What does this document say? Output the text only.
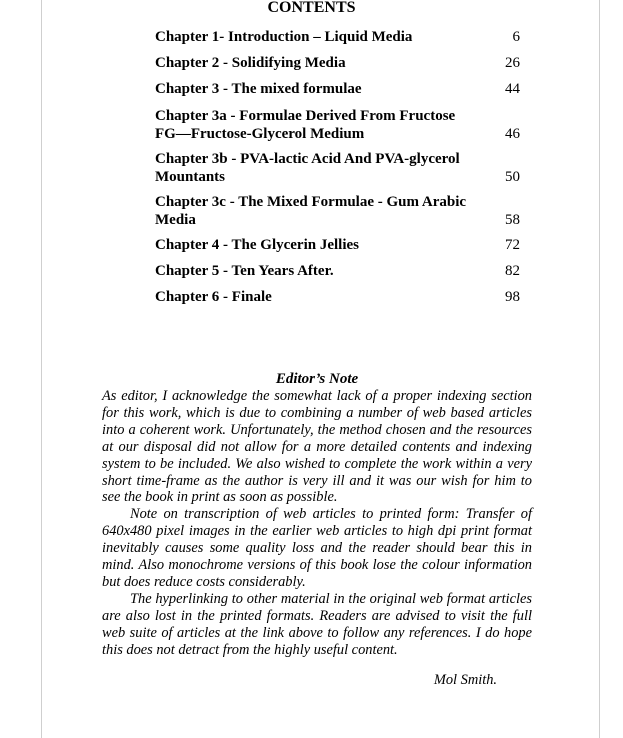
CONTENTS
Chapter 1- Introduction – Liquid Media	6
Chapter 2 - Solidifying Media	26
Chapter 3 - The mixed formulae	44
Chapter 3a - Formulae Derived From Fructose FG—Fructose-Glycerol Medium	46
Chapter 3b - PVA-lactic Acid And PVA-glycerol Mountants	50
Chapter 3c - The Mixed Formulae - Gum Arabic Media	58
Chapter 4 - The Glycerin Jellies	72
Chapter 5 - Ten Years After.	82
Chapter 6 - Finale	98

Editor’s Note

As editor, I acknowledge the somewhat lack of a proper indexing section for this work, which is due to combining a number of web based articles into a coherent work. Unfortunately, the method chosen and the resources at our disposal did not allow for a more detailed contents and indexing system to be included. We also wished to complete the work within a very short time-frame as the author is very ill and it was our wish for him to see the book in print as soon as possible.

Note on transcription of web articles to printed form: Transfer of 640x480 pixel images in the earlier web articles to high dpi print format inevitably causes some quality loss and the reader should bear this in mind. Also monochrome versions of this book lose the colour information but does reduce costs considerably.

The hyperlinking to other material in the original web format articles are also lost in the printed formats. Readers are advised to visit the full web suite of articles at the link above to follow any references. I do hope this does not detract from the highly useful content.

Mol Smith.
